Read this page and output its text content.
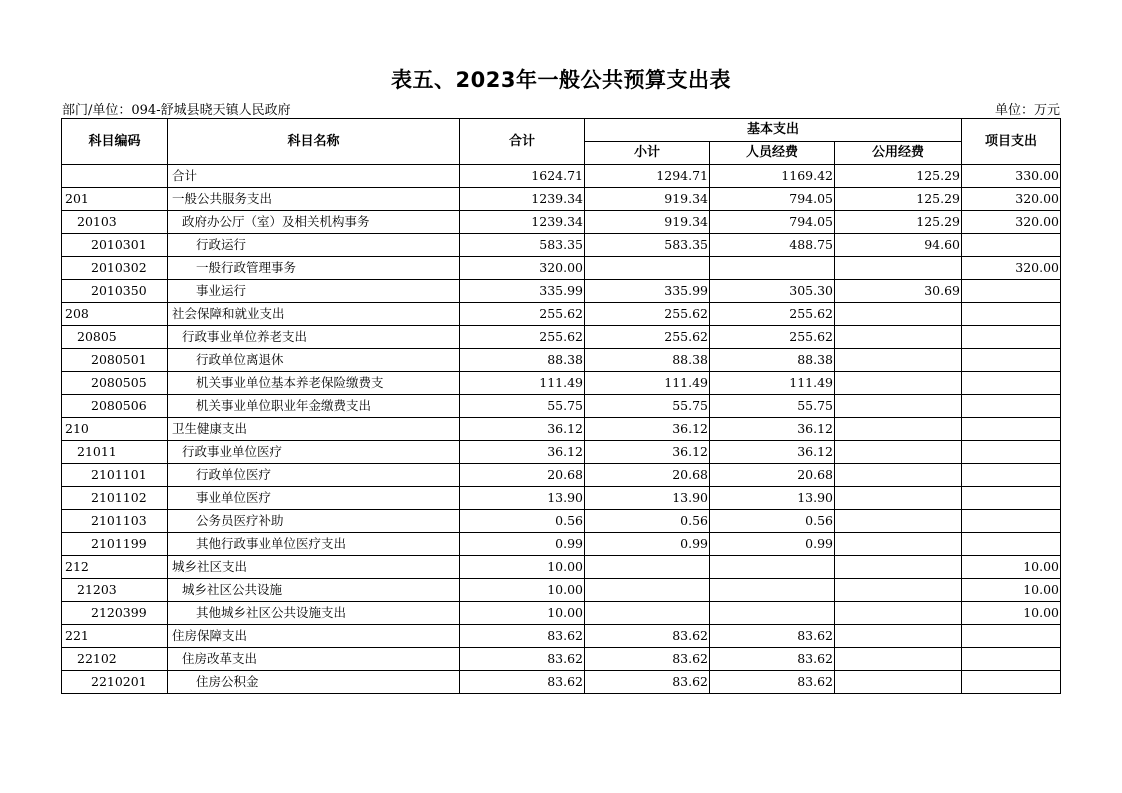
表五、2023年一般公共预算支出表
部门/单位：094-舒城县晓天镇人民政府	单位：万元
科目编码	科目名称	合计	基本支出			项目支出
			小计	人员经费	公用经费	
	合计	1624.71	1294.71	1169.42	125.29	330.00
201	一般公共服务支出	1239.34	919.34	794.05	125.29	320.00
20103	政府办公厅（室）及相关机构事务	1239.34	919.34	794.05	125.29	320.00
2010301	行政运行	583.35	583.35	488.75	94.60	
2010302	一般行政管理事务	320.00				320.00
2010350	事业运行	335.99	335.99	305.30	30.69	
208	社会保障和就业支出	255.62	255.62	255.62		
20805	行政事业单位养老支出	255.62	255.62	255.62		
2080501	行政单位离退休	88.38	88.38	88.38		
2080505	机关事业单位基本养老保险缴费支	111.49	111.49	111.49		
2080506	机关事业单位职业年金缴费支出	55.75	55.75	55.75		
210	卫生健康支出	36.12	36.12	36.12		
21011	行政事业单位医疗	36.12	36.12	36.12		
2101101	行政单位医疗	20.68	20.68	20.68		
2101102	事业单位医疗	13.90	13.90	13.90		
2101103	公务员医疗补助	0.56	0.56	0.56		
2101199	其他行政事业单位医疗支出	0.99	0.99	0.99		
212	城乡社区支出	10.00				10.00
21203	城乡社区公共设施	10.00				10.00
2120399	其他城乡社区公共设施支出	10.00				10.00
221	住房保障支出	83.62	83.62	83.62		
22102	住房改革支出	83.62	83.62	83.62		
2210201	住房公积金	83.62	83.62	83.62		
